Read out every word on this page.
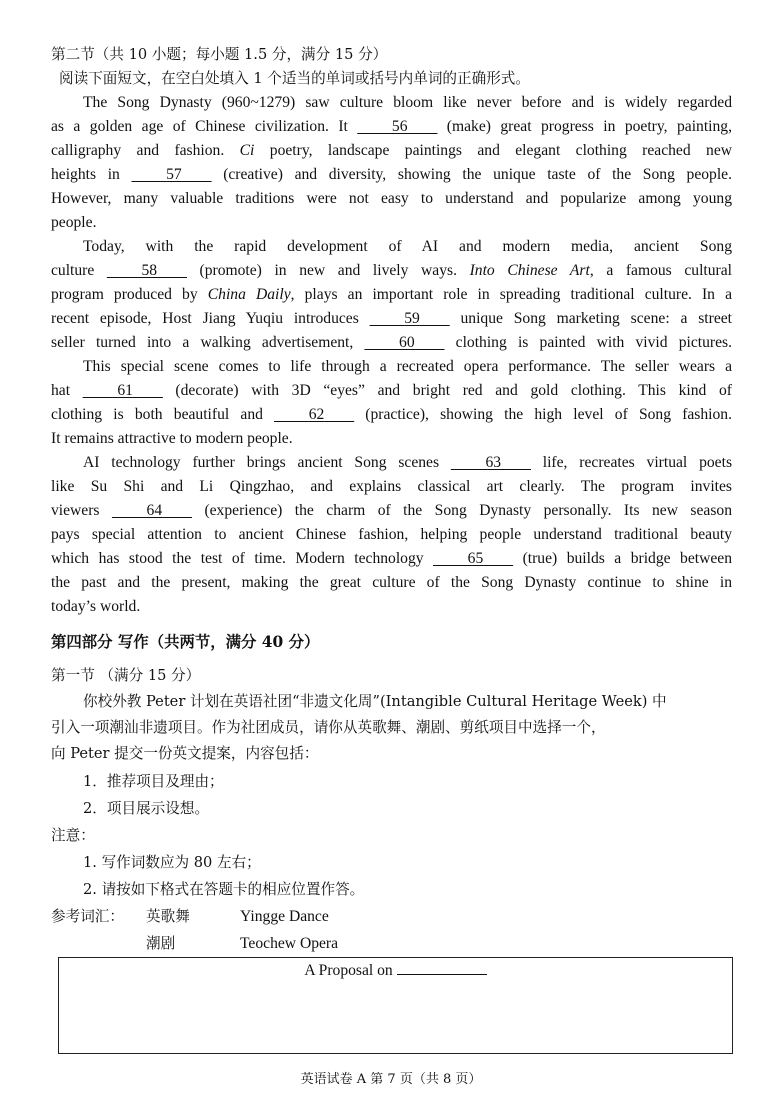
第二节（共 10 小题；每小题 1.5 分，满分 15 分）
阅读下面短文，在空白处填入 1 个适当的单词或括号内单词的正确形式。
The Song Dynasty (960~1279) saw culture bloom like never before and is widely regarded
as a golden age of Chinese civilization. It	56	(make) great progress in poetry, painting,
calligraphy and fashion. Ci poetry, landscape paintings and elegant clothing reached new
heights in	57	(creative) and diversity, showing the unique taste of the Song people.
However, many valuable traditions were not easy to understand and popularize among young
people.
Today, with the rapid development of AI and modern media, ancient Song
culture	58	(promote) in new and lively ways. Into Chinese Art, a famous cultural
program produced by China Daily, plays an important role in spreading traditional culture. In a
recent episode, Host Jiang Yuqiu introduces	59	unique Song marketing scene: a street
seller turned into a walking advertisement,	60	clothing is painted with vivid pictures.
This special scene comes to life through a recreated opera performance. The seller wears a
hat	61	(decorate) with 3D “eyes” and bright red and gold clothing. This kind of
clothing is both beautiful and	62	(practice), showing the high level of Song fashion.
It remains attractive to modern people.
AI technology further brings ancient Song scenes	63	life, recreates virtual poets
like Su Shi and Li Qingzhao, and explains classical art clearly. The program invites
viewers	64	(experience) the charm of the Song Dynasty personally. Its new season
pays special attention to ancient Chinese fashion, helping people understand traditional beauty
which has stood the test of time. Modern technology	65	(true) builds a bridge between
the past and the present, making the great culture of the Song Dynasty continue to shine in
today’s world.
第四部分 写作（共两节，满分 40 分）
第一节 （满分 15 分）
你校外教 Peter 计划在英语社团“非遗文化周”(Intangible Cultural Heritage Week) 中
引入一项潮汕非遗项目。作为社团成员，请你从英歌舞、潮剧、剪纸项目中选择一个，
向 Peter 提交一份英文提案，内容包括：
1．推荐项目及理由；
2．项目展示设想。
注意：
1. 写作词数应为 80 左右；
2. 请按如下格式在答题卡的相应位置作答。
参考词汇：	英歌舞	Yingge Dance
潮剧	Teochew Opera
A Proposal on
英语试卷 A 第 7 页（共 8 页）
